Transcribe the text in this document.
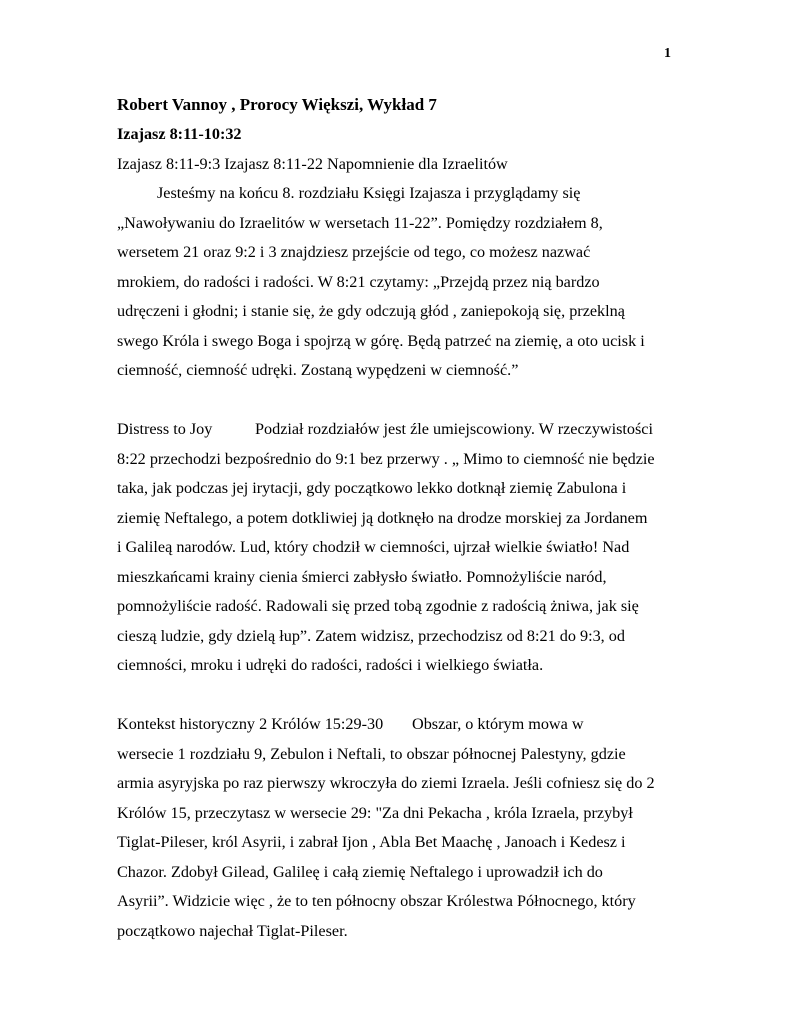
1

Robert Vannoy , Prorocy Większi, Wykład 7

Izajasz 8:11-10:32

Izajasz 8:11-9:3 Izajasz 8:11-22 Napomnienie dla Izraelitów

Jesteśmy na końcu 8. rozdziału Księgi Izajasza i przyglądamy się
„Nawoływaniu do Izraelitów w wersetach 11-22”. Pomiędzy rozdziałem 8,
wersetem 21 oraz 9:2 i 3 znajdziesz przejście od tego, co możesz nazwać
mrokiem, do radości i radości. W 8:21 czytamy: „Przejdą przez nią bardzo
udręczeni i głodni; i stanie się, że gdy odczują głód , zaniepokoją się, przeklną
swego Króla i swego Boga i spojrzą w górę. Będą patrzeć na ziemię, a oto ucisk i
ciemność, ciemność udręki. Zostaną wypędzeni w ciemność.”
Distress to Joy	Podział rozdziałów jest źle umiejscowiony. W rzeczywistości
8:22 przechodzi bezpośrednio do 9:1 bez przerwy . „ Mimo to ciemność nie będzie
taka, jak podczas jej irytacji, gdy początkowo lekko dotknął ziemię Zabulona i
ziemię Neftalego, a potem dotkliwiej ją dotknęło na drodze morskiej za Jordanem
i Galileą narodów. Lud, który chodził w ciemności, ujrzał wielkie światło! Nad
mieszkańcami krainy cienia śmierci zabłysło światło. Pomnożyliście naród,
pomnożyliście radość. Radowali się przed tobą zgodnie z radością żniwa, jak się
cieszą ludzie, gdy dzielą łup”. Zatem widzisz, przechodzisz od 8:21 do 9:3, od
ciemności, mroku i udręki do radości, radości i wielkiego światła.
Kontekst historyczny 2 Królów 15:29-30 Obszar, o którym mowa w
wersecie 1 rozdziału 9, Zebulon i Neftali, to obszar północnej Palestyny, gdzie
armia asyryjska po raz pierwszy wkroczyła do ziemi Izraela. Jeśli cofniesz się do 2
Królów 15, przeczytasz w wersecie 29: "Za dni Pekacha , króla Izraela, przybył
Tiglat-Pileser, król Asyrii, i zabrał Ijon , Abla Bet Maachę , Janoach i Kedesz i
Chazor. Zdobył Gilead, Galileę i całą ziemię Neftalego i uprowadził ich do
Asyrii”. Widzicie więc , że to ten północny obszar Królestwa Północnego, który
początkowo najechał Tiglat-Pileser.
